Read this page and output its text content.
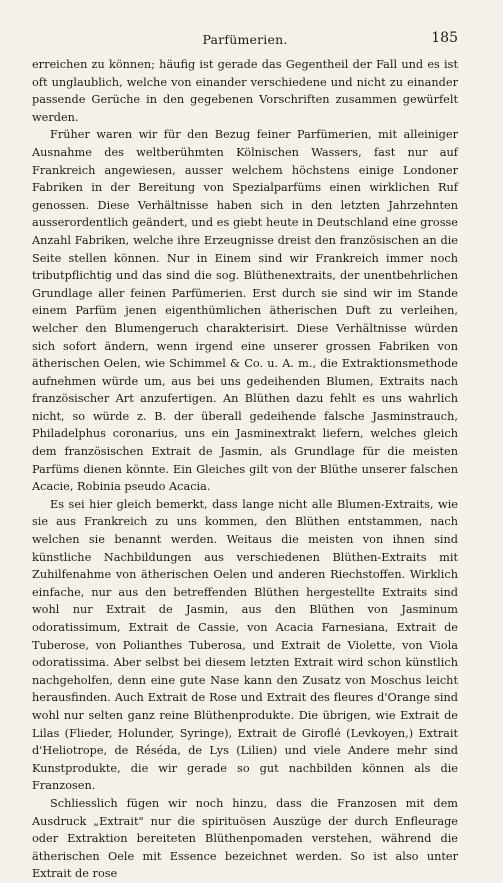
Parfümerien.	185

erreichen zu können; häufig ist gerade das Gegentheil der Fall und es ist oft unglaublich, welche von einander verschiedene und nicht zu einander passende Gerüche in den gegebenen Vorschriften zusammen gewürfelt werden.

Früher waren wir für den Bezug feiner Parfümerien, mit alleiniger Ausnahme des weltberühmten Kölnischen Wassers, fast nur auf Frankreich angewiesen, ausser welchem höchstens einige Londoner Fabriken in der Bereitung von Spezialparfüms einen wirklichen Ruf genossen. Diese Verhältnisse haben sich in den letzten Jahrzehnten ausserordentlich geändert, und es giebt heute in Deutschland eine grosse Anzahl Fabriken, welche ihre Erzeugnisse dreist den französischen an die Seite stellen können. Nur in Einem sind wir Frankreich immer noch tributpflichtig und das sind die sog. Blüthenextraits, der unentbehrlichen Grundlage aller feinen Parfümerien. Erst durch sie sind wir im Stande einem Parfüm jenen eigenthümlichen ätherischen Duft zu verleihen, welcher den Blumengeruch charakterisirt. Diese Verhältnisse würden sich sofort ändern, wenn irgend eine unserer grossen Fabriken von ätherischen Oelen, wie Schimmel & Co. u. A. m., die Extraktionsmethode aufnehmen würde um, aus bei uns gedeihenden Blumen, Extraits nach französischer Art anzufertigen. An Blüthen dazu fehlt es uns wahrlich nicht, so würde z. B. der überall gedeihende falsche Jasminstrauch, Philadelphus coronarius, uns ein Jasminextrakt liefern, welches gleich dem französischen Extrait de Jasmin, als Grundlage für die meisten Parfüms dienen könnte. Ein Gleiches gilt von der Blüthe unserer falschen Acacie, Robinia pseudo Acacia.

Es sei hier gleich bemerkt, dass lange nicht alle Blumen-Extraits, wie sie aus Frankreich zu uns kommen, den Blüthen entstammen, nach welchen sie benannt werden. Weitaus die meisten von ihnen sind künstliche Nachbildungen aus verschiedenen Blüthen-Extraits mit Zuhilfenahme von ätherischen Oelen und anderen Riechstoffen. Wirklich einfache, nur aus den betreffenden Blüthen hergestellte Extraits sind wohl nur Extrait de Jasmin, aus den Blüthen von Jasminum odoratissimum, Extrait de Cassie, von Acacia Farnesiana, Extrait de Tuberose, von Polianthes Tuberosa, und Extrait de Violette, von Viola odoratissima. Aber selbst bei diesem letzten Extrait wird schon künstlich nachgeholfen, denn eine gute Nase kann den Zusatz von Moschus leicht herausfinden. Auch Extrait de Rose und Extrait des fleures d'Orange sind wohl nur selten ganz reine Blüthenprodukte. Die übrigen, wie Extrait de Lilas (Flieder, Holunder, Syringe), Extrait de Giroflé (Levkoyen,) Extrait d'Heliotrope, de Réséda, de Lys (Lilien) und viele Andere mehr sind Kunstprodukte, die wir gerade so gut nachbilden können als die Franzosen.

Schliesslich fügen wir noch hinzu, dass die Franzosen mit dem Ausdruck „Extrait" nur die spirituösen Auszüge der durch Enfleurage oder Extraktion bereiteten Blüthenpomaden verstehen, während die ätherischen Oele mit Essence bezeichnet werden. So ist also unter Extrait de rose
